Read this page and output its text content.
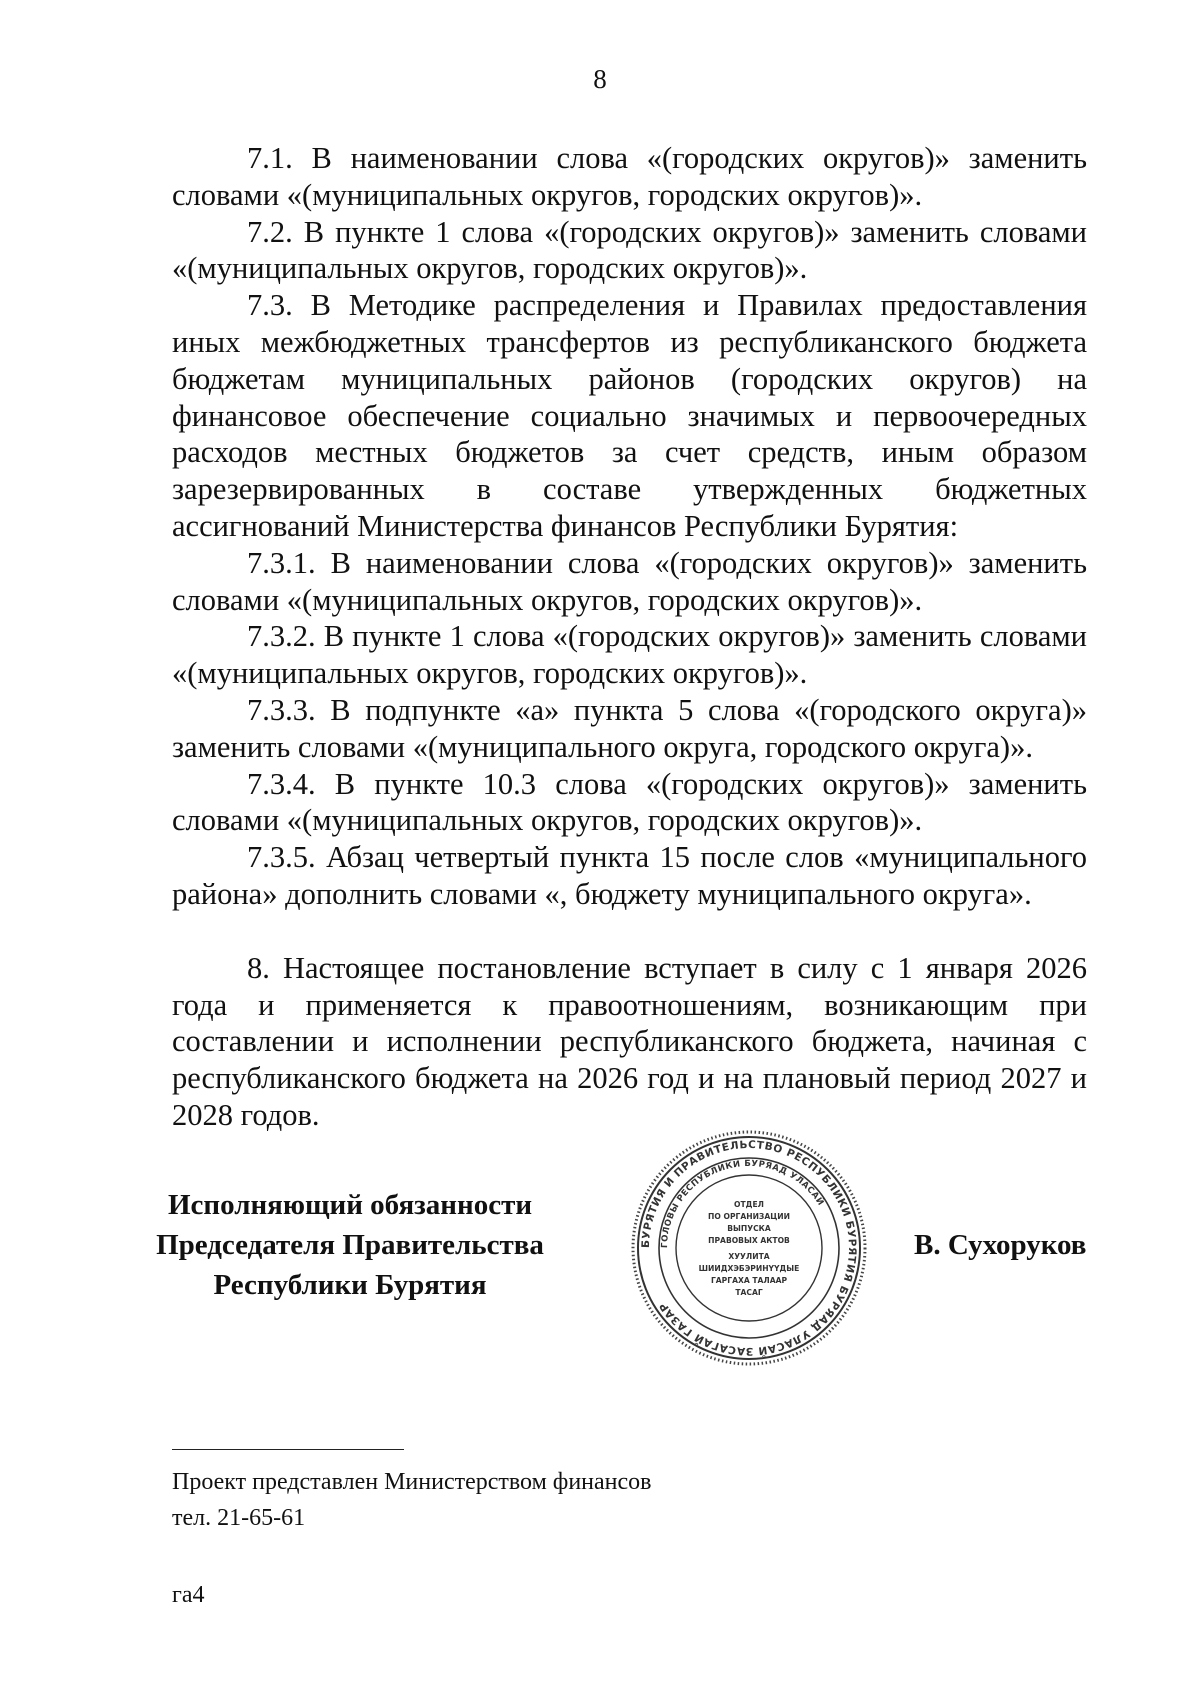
8

7.1. В наименовании слова «(городских округов)» заменить словами «(муниципальных округов, городских округов)».

7.2. В пункте 1 слова «(городских округов)» заменить словами «(муниципальных округов, городских округов)».

7.3. В Методике распределения и Правилах предоставления иных межбюджетных трансфертов из республиканского бюджета бюджетам муниципальных районов (городских округов) на финансовое обеспечение социально значимых и первоочередных расходов местных бюджетов за счет средств, иным образом зарезервированных в составе утвержденных бюджетных ассигнований Министерства финансов Республики Бурятия:

7.3.1. В наименовании слова «(городских округов)» заменить словами «(муниципальных округов, городских округов)».

7.3.2. В пункте 1 слова «(городских округов)» заменить словами «(муниципальных округов, городских округов)».

7.3.3. В подпункте «а» пункта 5 слова «(городского округа)» заменить словами «(муниципального округа, городского округа)».

7.3.4. В пункте 10.3 слова «(городских округов)» заменить словами «(муниципальных округов, городских округов)».

7.3.5. Абзац четвертый пункта 15 после слов «муниципального района» дополнить словами «, бюджету муниципального округа».

8. Настоящее постановление вступает в силу с 1 января 2026 года и применяется к правоотношениям, возникающим при составлении и исполнении республиканского бюджета, начиная с республиканского бюджета на 2026 год и на плановый период 2027 и 2028 годов.

Исполняющий обязанности
Председателя Правительства
Республики Бурятия
БУРЯТИЯ И ПРАВИТЕЛЬСТВО РЕСПУБЛИКИ БУРЯТИЯ БУРЯАД УЛАСАЙ ЗАСАГАЙ ГАЗАР
ГОЛОВЫ РЕСПУБЛИКИ БУРЯАД УЛАСАЙ
ОТДЕЛ
ПО ОРГАНИЗАЦИИ
ВЫПУСКА
ПРАВОВЫХ АКТОВ
ХУУЛИТА
ШИИДХЭБЭРИНҮҮДЫЕ
ГАРГАХА ТАЛААР
ТАСАГ
В. Сухоруков
Проект представлен Министерством финансов
тел. 21-65-61
га4
